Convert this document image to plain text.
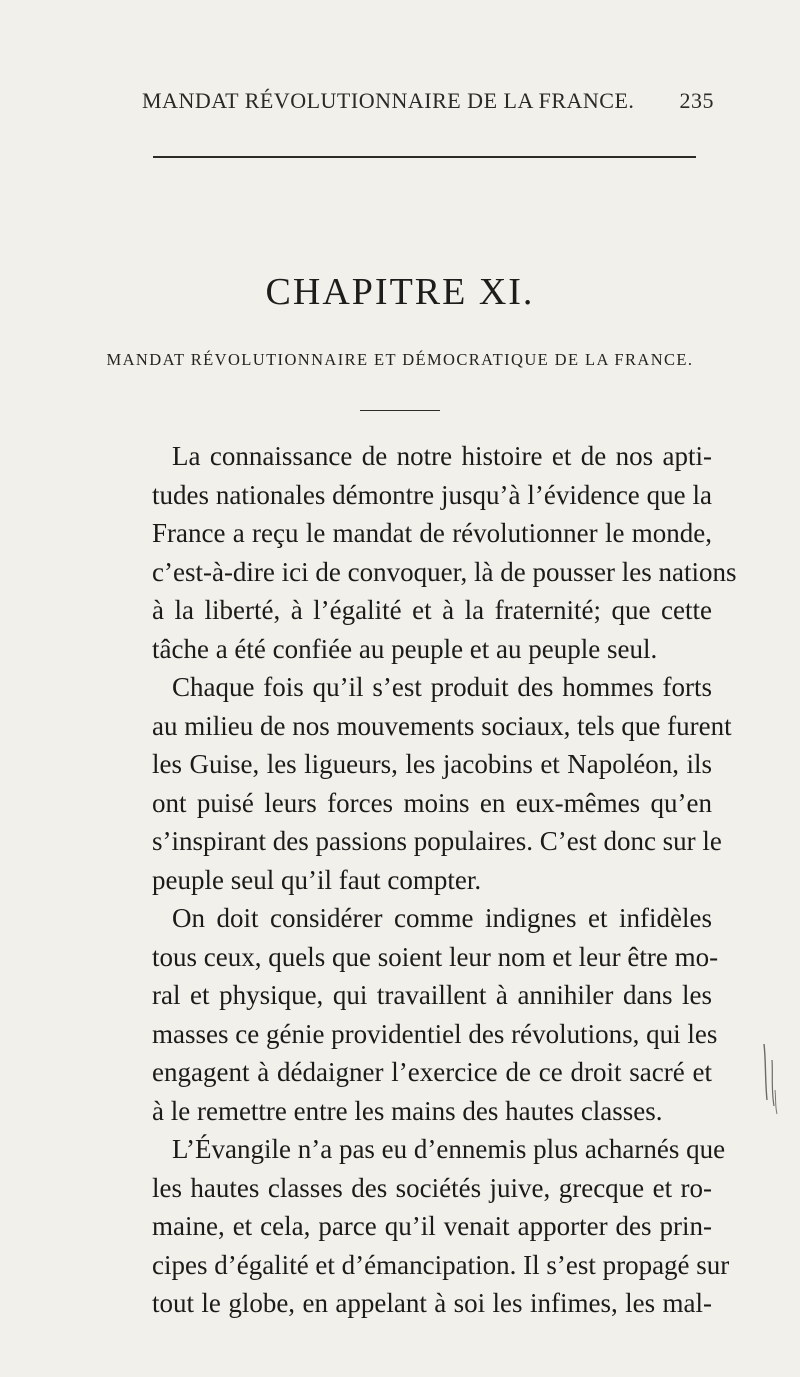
MANDAT RÉVOLUTIONNAIRE DE LA FRANCE. 235
CHAPITRE XI.
MANDAT RÉVOLUTIONNAIRE ET DÉMOCRATIQUE DE LA FRANCE.
La connaissance de notre histoire et de nos apti-
tudes nationales démontre jusqu’à l’évidence que la
France a reçu le mandat de révolutionner le monde,
c’est-à-dire ici de convoquer, là de pousser les nations
à la liberté, à l’égalité et à la fraternité; que cette
tâche a été confiée au peuple et au peuple seul.
Chaque fois qu’il s’est produit des hommes forts
au milieu de nos mouvements sociaux, tels que furent
les Guise, les ligueurs, les jacobins et Napoléon, ils
ont puisé leurs forces moins en eux-mêmes qu’en
s’inspirant des passions populaires. C’est donc sur le
peuple seul qu’il faut compter.
On doit considérer comme indignes et infidèles
tous ceux, quels que soient leur nom et leur être mo-
ral et physique, qui travaillent à annihiler dans les
masses ce génie providentiel des révolutions, qui les
engagent à dédaigner l’exercice de ce droit sacré et
à le remettre entre les mains des hautes classes.
L’Évangile n’a pas eu d’ennemis plus acharnés que
les hautes classes des sociétés juive, grecque et ro-
maine, et cela, parce qu’il venait apporter des prin-
cipes d’égalité et d’émancipation. Il s’est propagé sur
tout le globe, en appelant à soi les infimes, les mal-
